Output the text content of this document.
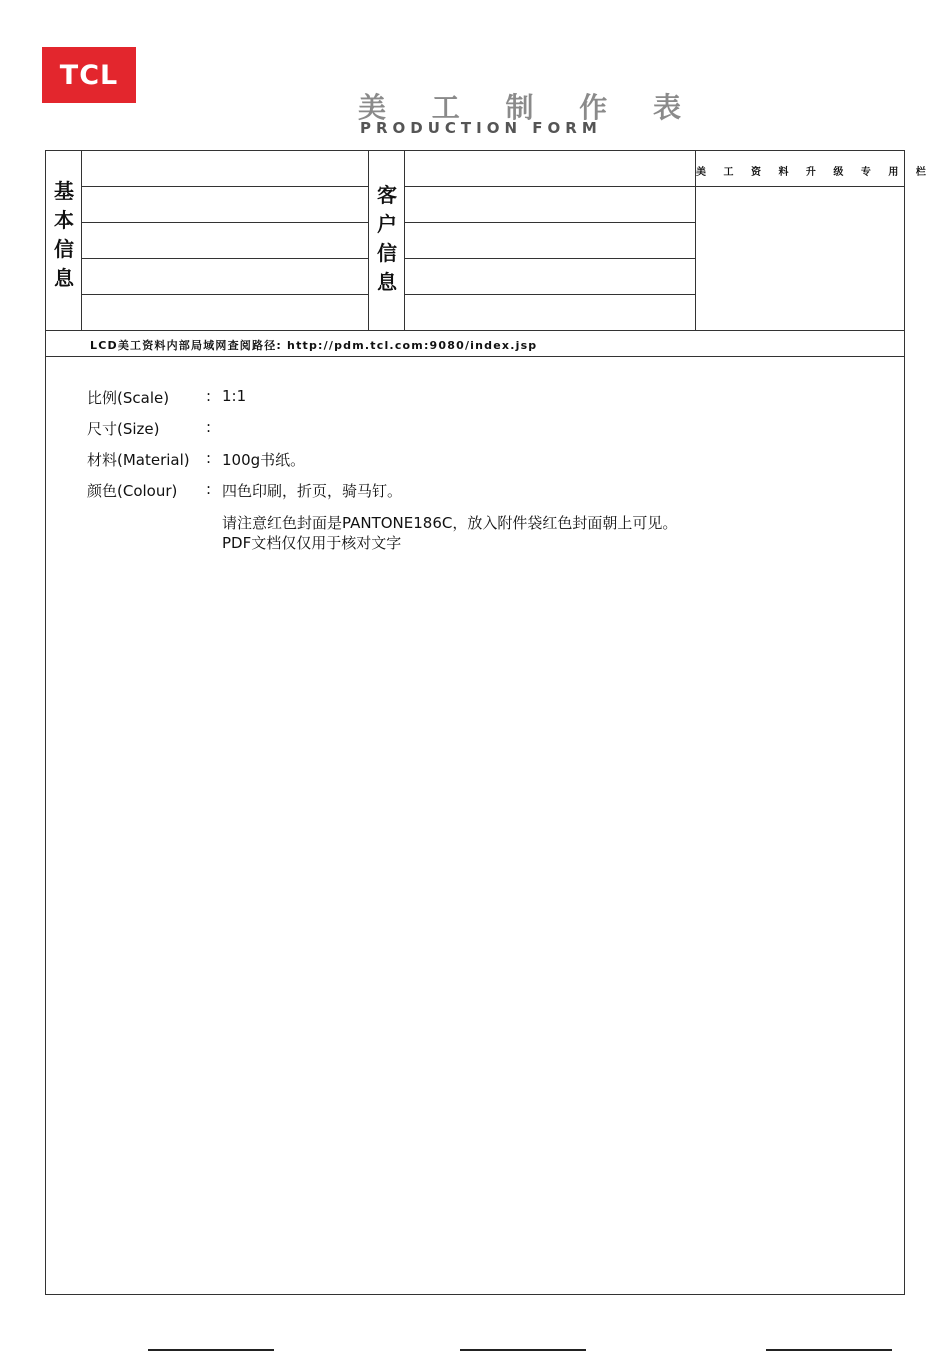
TCL
美 工 制 作 表
PRODUCTION FORM
基
本
信
息
客
户
信
息
美 工 资 料 升 级 专 用 栏
LCD美工资料内部局域网查阅路径: http://pdm.tcl.com:9080/index.jsp
比例(Scale) : 1:1
尺寸(Size)	:
材料(Material) : 100g书纸。
颜色(Colour) : 四色印刷，折页，骑马钉。
请注意红色封面是PANTONE186C，放入附件袋红色封面朝上可见。
PDF文档仅仅用于核对文字
